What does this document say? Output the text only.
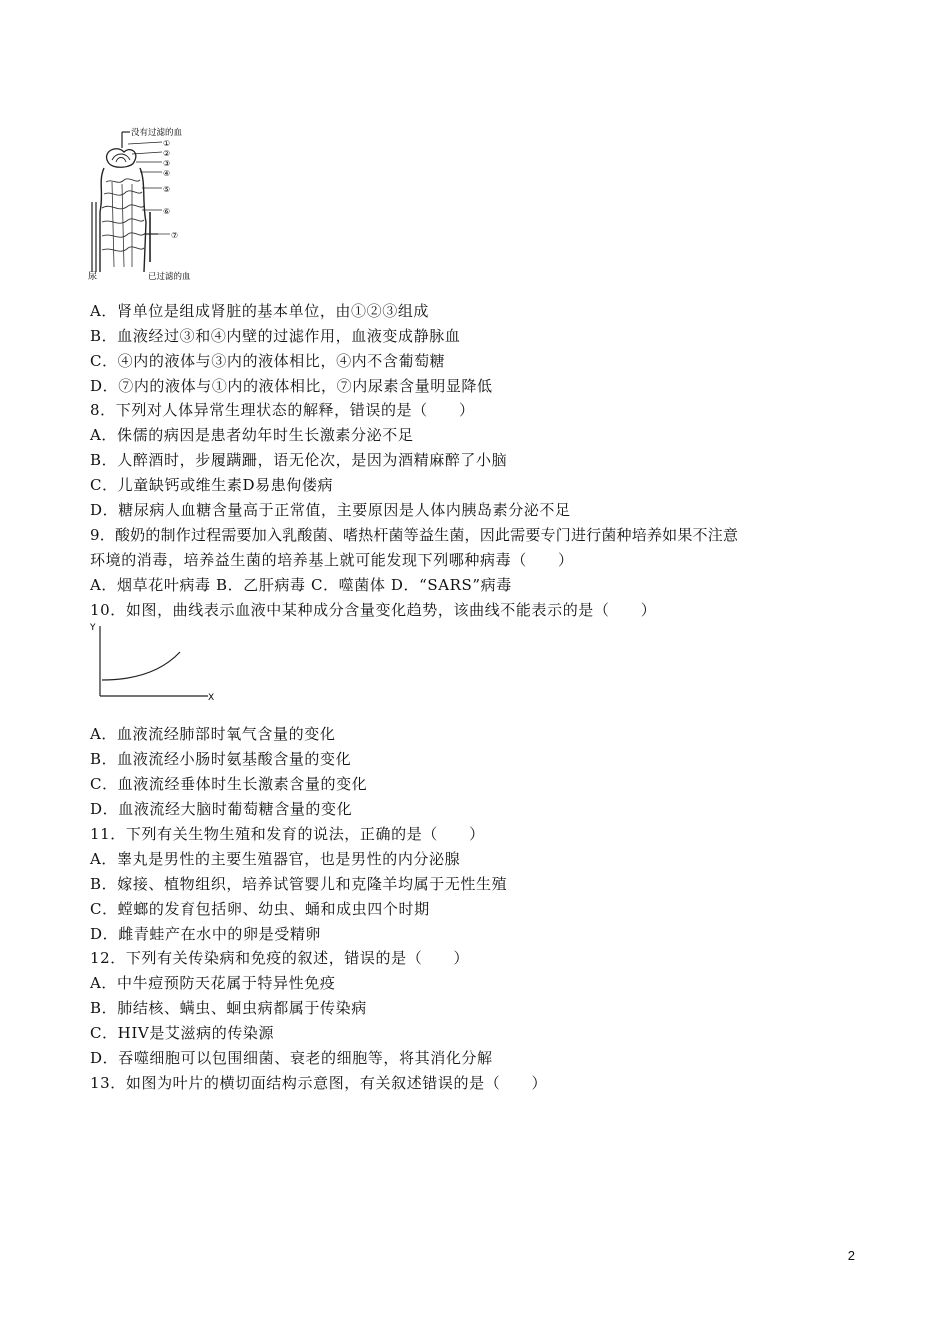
没有过滤的血
①
②
③
④
⑤
⑥
⑦
尿	已过滤的血
A．肾单位是组成肾脏的基本单位，由①②③组成
B．血液经过③和④内壁的过滤作用，血液变成静脉血
C．④内的液体与③内的液体相比，④内不含葡萄糖
D．⑦内的液体与①内的液体相比，⑦内尿素含量明显降低
8．下列对人体异常生理状态的解释，错误的是（　　）
A．侏儒的病因是患者幼年时生长激素分泌不足
B．人醉酒时，步履蹒跚，语无伦次，是因为酒精麻醉了小脑
C．儿童缺钙或维生素D易患佝偻病
D．糖尿病人血糖含量高于正常值，主要原因是人体内胰岛素分泌不足
9．酸奶的制作过程需要加入乳酸菌、嗜热杆菌等益生菌，因此需要专门进行菌种培养如果不注意
环境的消毒，培养益生菌的培养基上就可能发现下列哪种病毒（　　）
A．烟草花叶病毒 B．乙肝病毒 C．噬菌体 D．“SARS”病毒
10．如图，曲线表示血液中某种成分含量变化趋势，该曲线不能表示的是（　　）
Y
X
A．血液流经肺部时氧气含量的变化
B．血液流经小肠时氨基酸含量的变化
C．血液流经垂体时生长激素含量的变化
D．血液流经大脑时葡萄糖含量的变化
11．下列有关生物生殖和发育的说法，正确的是（　　）
A．睾丸是男性的主要生殖器官，也是男性的内分泌腺
B．嫁接、植物组织，培养试管婴儿和克隆羊均属于无性生殖
C．螳螂的发育包括卵、幼虫、蛹和成虫四个时期
D．雌青蛙产在水中的卵是受精卵
12．下列有关传染病和免疫的叙述，错误的是（　　）
A．中牛痘预防天花属于特异性免疫
B．肺结核、螨虫、蛔虫病都属于传染病
C．HIV是艾滋病的传染源
D．吞噬细胞可以包围细菌、衰老的细胞等，将其消化分解
13．如图为叶片的横切面结构示意图，有关叙述错误的是（　　）
2
